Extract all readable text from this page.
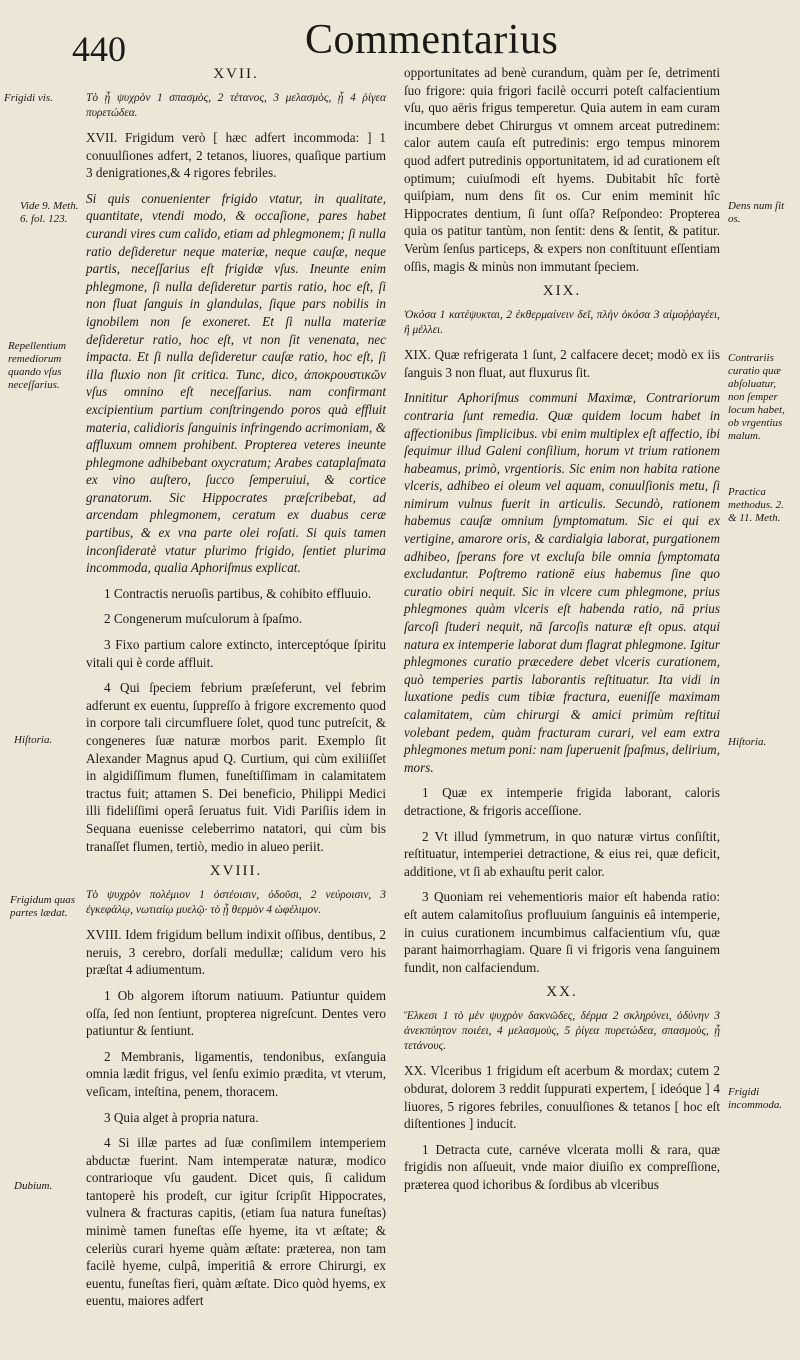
440	Commentarius
XVII.

Τὸ ᾗ ψυχρὸν 1 σπασμὸς, 2 τέτανος, 3 μελασμὸς, ᾗ 4 ῥίγεα πυρετώδεα.

XVII. Frigidum verò [ hæc adfert incommoda: ] 1 conuulſiones adfert, 2 tetanos, liuores, quaſique partium 3 denigrationes,& 4 rigores febriles.

Si quis conuenienter frigido vtatur, in qualitate, quantitate, vtendi modo, & occaſione, pares habet curandi vires cum calido, etiam ad phlegmonem; ſi nulla ratio deſideretur neque materiæ, neque cauſæ, neque partis, neceſſarius eſt frigidæ vſus. Ineunte enim phlegmone, ſi nulla deſideretur partis ratio, hoc eſt, ſi non fluat ſanguis in glandulas, ſique pars nobilis in ignobilem non ſe exoneret. Et ſi nulla materiæ deſideretur ratio, hoc eſt, vt non ſit venenata, nec impacta. Et ſi nulla deſideretur cauſæ ratio, hoc eſt, ſi illa fluxio non ſit critica. Tunc, dico, ἀποκρουστικῶν vſus omnino eſt neceſſarius. nam confirmant excipientium partium conſtringendo poros quà effluit materia, calidioris ſanguinis infringendo acrimoniam, & affluxum omnem prohibent. Propterea veteres ineunte phlegmone adhibebant oxycratum; Arabes cataplaſmata ex vino auſtero, ſucco ſemperuiui, & cortice granatorum. Sic Hippocrates præſcribebat, ad arcendam phlegmonem, ceratum ex duabus ceræ partibus, & ex vna parte olei roſati. Si quis tamen inconſideratè vtatur plurimo frigido, ſentiet plurima incommoda, qualia Aphoriſmus explicat.

1 Contractis neruoſis partibus, & cohibito effluuio.

2 Congenerum muſculorum à ſpaſmo.

3 Fixo partium calore extincto, interceptóque ſpiritu vitali qui è corde affluit.

4 Qui ſpeciem febrium præſeferunt, vel febrim adferunt ex euentu, ſuppreſſo à frigore excremento quod in corpore tali circumfluere ſolet, quod tunc putreſcit, & congeneres ſuæ naturæ morbos parit. Exemplo ſit Alexander Magnus apud Q. Curtium, qui cùm exiliiſſet in algidiſſimum flumen, funeſtiſſimam in calamitatem tractus fuit; attamen S. Dei beneficio, Philippi Medici illi fideliſſimi operâ ſeruatus fuit. Vidi Pariſiis idem in Sequana euenisse celeberrimo natatori, qui cùm bis tranaſſet flumen, tertiò, medio in alueo periit.

XVIII.

Τὸ ψυχρὸν πολέμιον 1 ὀστέοισιν, ὀδοῦσι, 2 νεύροισιν, 3 ἐγκεφάλῳ, νωτιαίῳ μυελῷ· τὸ ᾗ θερμὸν 4 ὠφέλιμον.

XVIII. Idem frigidum bellum indixit oſſibus, dentibus, 2 neruis, 3 cerebro, dorſali medullæ; calidum vero his præſtat 4 adiumentum.

1 Ob algorem iſtorum natiuum. Patiuntur quidem oſſa, ſed non ſentiunt, propterea nigreſcunt. Dentes vero patiuntur & ſentiunt.

2 Membranis, ligamentis, tendonibus, exſanguia omnia lædit frigus, vel ſenſu eximio prædita, vt vterum, veſicam, inteſtina, penem, thoracem.

3 Quia alget à propria natura.

4 Si illæ partes ad ſuæ conſimilem intemperiem abductæ fuerint. Nam intemperatæ naturæ, modico contrarioque vſu gaudent. Dicet quis, ſi calidum tantoperè his prodeſt, cur igitur ſcripſit Hippocrates, vulnera & fracturas capitis, (etiam ſua natura funeſtas) minimè tamen funeſtas eſſe hyeme, ita vt æſtate; & celeriùs curari hyeme quàm æſtate: præterea, non tam facilè hyeme, culpâ, imperitiâ & errore Chirurgi, ex euentu, funeſtas fieri, quàm æſtate. Dico quòd hyems, ex euentu, maiores adfert

opportunitates ad benè curandum, quàm per ſe, detrimenti ſuo frigore: quia frigori facilè occurri poteſt calfacientium vſu, quo aëris frigus temperetur. Quia autem in eam curam incumbere debet Chirurgus vt omnem arceat putredinem: calor autem cauſa eſt putredinis: ergo tempus minorem quod adfert putredinis opportunitatem, id ad curationem eſt optimum; cuiuſmodi eſt hyems. Dubitabit hîc fortè quiſpiam, num dens ſit os. Cur enim meminit hîc Hippocrates dentium, ſi ſunt oſſa? Reſpondeo: Propterea quia os patitur tantùm, non ſentit: dens & ſentit, & patitur. Verùm ſenſus particeps, & expers non conſtituunt eſſentiam oſſis, magis & minùs non immutant ſpeciem.

XIX.

Ὁκόσα 1 κατέψυκται, 2 ἐκθερμαίνειν δεῖ, πλὴν ὁκόσα 3 αἱμοῤῥαγέει, ἢ μέλλει.

XIX. Quæ refrigerata 1 ſunt, 2 calfacere decet; modò ex iis ſanguis 3 non fluat, aut fluxurus ſit.

Innititur Aphoriſmus communi Maximæ, Contrariorum contraria ſunt remedia. Quæ quidem locum habet in affectionibus ſimplicibus. vbi enim multiplex eſt affectio, ibi ſequimur illud Galeni conſilium, horum vt trium rationem habeamus, primò, vrgentioris. Sic enim non habita ratione vlceris, adhibeo ei oleum vel aquam, conuulſionis metu, ſi nimirum vulnus fuerit in articulis. Secundò, rationem habemus cauſæ omnium ſymptomatum. Sic ei qui ex vertigine, amarore oris, & cardialgia laborat, purgationem adhibeo, ſperans fore vt excluſa bile omnia ſymptomata excludantur. Poſtremo rationē eius habemus ſine quo curatio obiri nequit. Sic in vlcere cum phlegmone, prius phlegmones quàm vlceris eſt habenda ratio, nā prius ſarcoſi ſtuderi nequit, nā ſarcoſis naturæ eſt opus. atqui natura ex intemperie laborat dum flagrat phlegmone. Igitur phlegmones curatio præcedere debet vlceris curationem, quò temperies partis laborantis reſtituatur. Ita vidi in luxatione pedis cum tibiæ fractura, eueniſſe maximam calamitatem, cùm chirurgi & amici primùm reſtitui volebant pedem, quàm fracturam curari, vel eam extra phlegmones metum poni: nam ſuperuenit ſpaſmus, delirium, mors.

1 Quæ ex intemperie frigida laborant, caloris detractione, & frigoris acceſſione.

2 Vt illud ſymmetrum, in quo naturæ virtus conſiſtit, reſtituatur, intemperiei detractione, & eius rei, quæ deficit, additione, vt ſi ab exhauſtu perit calor.

3 Quoniam rei vehementioris maior eſt habenda ratio: eſt autem calamitoſius profluuium ſanguinis eâ intemperie, in cuius curationem incumbimus calfacientium vſu, quæ parant haimorrhagiam. Quare ſi vi frigoris vena ſanguinem fundit, non calfaciendum.

XX.

Ἕλκεσι 1 τὸ μὲν ψυχρὸν δακνῶδες, δέρμα 2 σκληρύνει, ὀδύνην 3 ἀνεκπύητον ποιέει, 4 μελασμοὺς, 5 ῥίγεα πυρετώδεα, σπασμοὺς, ᾗ τετάνους.

XX. Vlceribus 1 frigidum eſt acerbum & mordax; cutem 2 obdurat, dolorem 3 reddit ſuppurati expertem, [ ideóque ] 4 liuores, 5 rigores febriles, conuulſiones & tetanos [ hoc eſt diſtentiones ] inducit.

1 Detracta cute, carnéve vlcerata molli & rara, quæ frigidis non aſſueuit, vnde maior diuiſio ex compreſſione, præterea quod ichoribus & ſordibus ab vlceribus

Frigidi vis.
Vide 9. Meth. 6. fol. 123.
Repellentium remediorum quando vſus neceſſarius.
Hiſtoria.
Frigidum quas partes lædat.
Dubium.
Dens num ſit os.
Contrariis curatio quæ abſoluatur, non ſemper locum habet, ob vrgentius malum.
Practica methodus. 2. & 11. Meth.
Hiſtoria.
Frigidi incommoda.
